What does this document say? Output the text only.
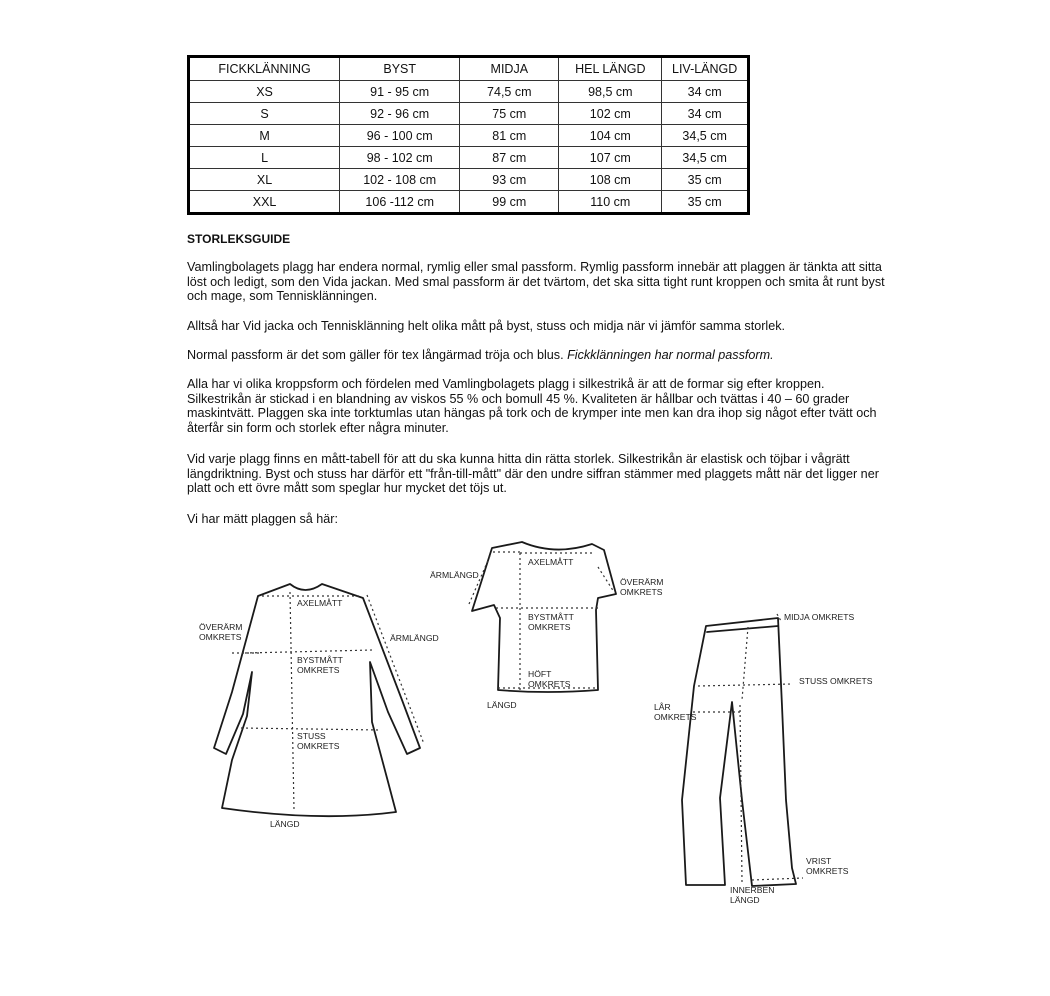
FICKKLÄNNING	BYST	MIDJA	HEL LÄNGD	LIV-LÄNGD
XS	91 - 95 cm	74,5 cm	98,5 cm	34 cm
S	92 - 96 cm	75 cm	102 cm	34 cm
M	96 - 100 cm	81 cm	104 cm	34,5 cm
L	98 - 102 cm	87 cm	107 cm	34,5 cm
XL	102 - 108 cm	93 cm	108 cm	35 cm
XXL	106 -112 cm	99 cm	110 cm	35 cm
STORLEKSGUIDE
Vamlingbolagets plagg har endera normal, rymlig eller smal passform. Rymlig passform innebär att plaggen är tänkta att sitta löst och ledigt, som den Vida jackan. Med smal passform är det tvärtom, det ska sitta tight runt kroppen och smita åt runt byst och mage, som Tennisklänningen.
Alltså har Vid jacka och Tennisklänning helt olika mått på byst, stuss och midja när vi jämför samma storlek.
Normal passform är det som gäller för tex långärmad tröja och blus. Fickklänningen har normal passform.
Alla har vi olika kroppsform och fördelen med Vamlingbolagets plagg i silkestrikå är att de formar sig efter kroppen. Silkestrikån är stickad i en blandning av viskos 55 % och bomull 45 %. Kvaliteten är hållbar och tvättas i 40 – 60 grader maskintvätt. Plaggen ska inte torktumlas utan hängas på tork och de krymper inte men kan dra ihop sig något efter tvätt och återfår sin form och storlek efter några minuter.
Vid varje plagg finns en mått-tabell för att du ska kunna hitta din rätta storlek. Silkestrikån är elastisk och töjbar i vågrätt längdriktning. Byst och stuss har därför ett "från-till-mått" där den undre siffran stämmer med plaggets mått när det ligger ner platt och ett övre mått som speglar hur mycket det töjs ut.
Vi har mätt plaggen så här:
AXELMÅTT
ÖVERÄRM
OMKRETS	ÄRMLÄNGD
BYSTMÅTT
OMKRETS
STUSS
OMKRETS
LÄNGD
ÄRMLÄNGD
AXELMÅTT
ÖVERÄRM
OMKRETS
BYSTMÅTT
OMKRETS
HÖFT
OMKRETS
LÄNGD
MIDJA OMKRETS
STUSS OMKRETS
LÅR
OMKRETS
VRIST
OMKRETS
INNERBEN
LÄNGD
